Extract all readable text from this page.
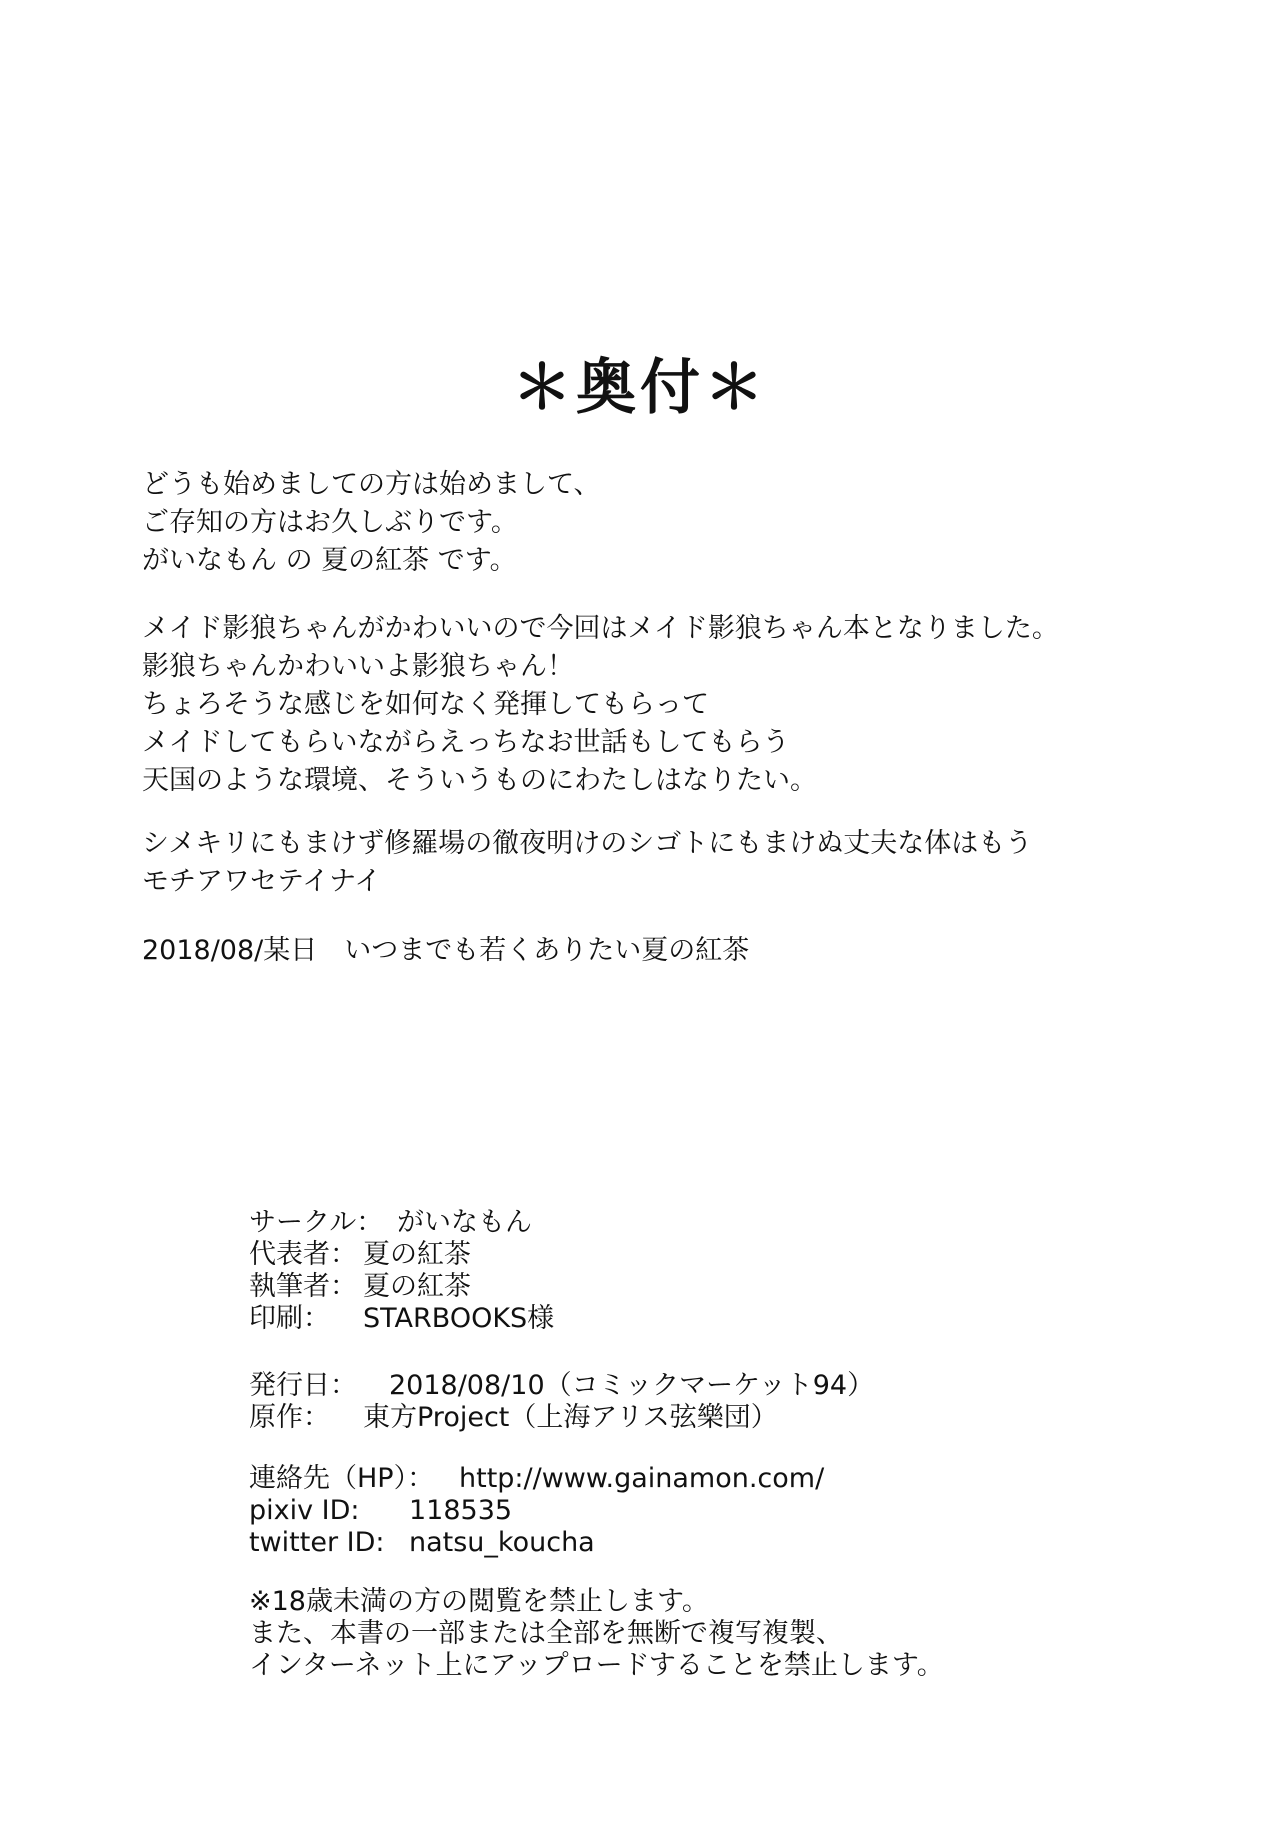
＊奥付＊

どうも始めましての方は始めまして、

ご存知の方はお久しぶりです。

がいなもん の 夏の紅茶 です。

メイド影狼ちゃんがかわいいので今回はメイド影狼ちゃん本となりました。

影狼ちゃんかわいいよ影狼ちゃん！

ちょろそうな感じを如何なく発揮してもらって

メイドしてもらいながらえっちなお世話もしてもらう

天国のような環境、そういうものにわたしはなりたい。

シメキリにもまけず修羅場の徹夜明けのシゴトにもまけぬ丈夫な体はもう

モチアワセテイナイ

2018/08/某日　いつまでも若くありたい夏の紅茶

サークル： がいなもん
代表者： 夏の紅茶
執筆者： 夏の紅茶
印刷： STARBOOKS様
発行日： 2018/08/10（コミックマーケット94）
原作： 東方Project（上海アリス弦樂団）
連絡先（HP）： http://www.gainamon.com/
pixiv ID: 118535
twitter ID: natsu_koucha
※18歳未満の方の閲覧を禁止します。
また、本書の一部または全部を無断で複写複製、
インターネット上にアップロードすることを禁止します。
